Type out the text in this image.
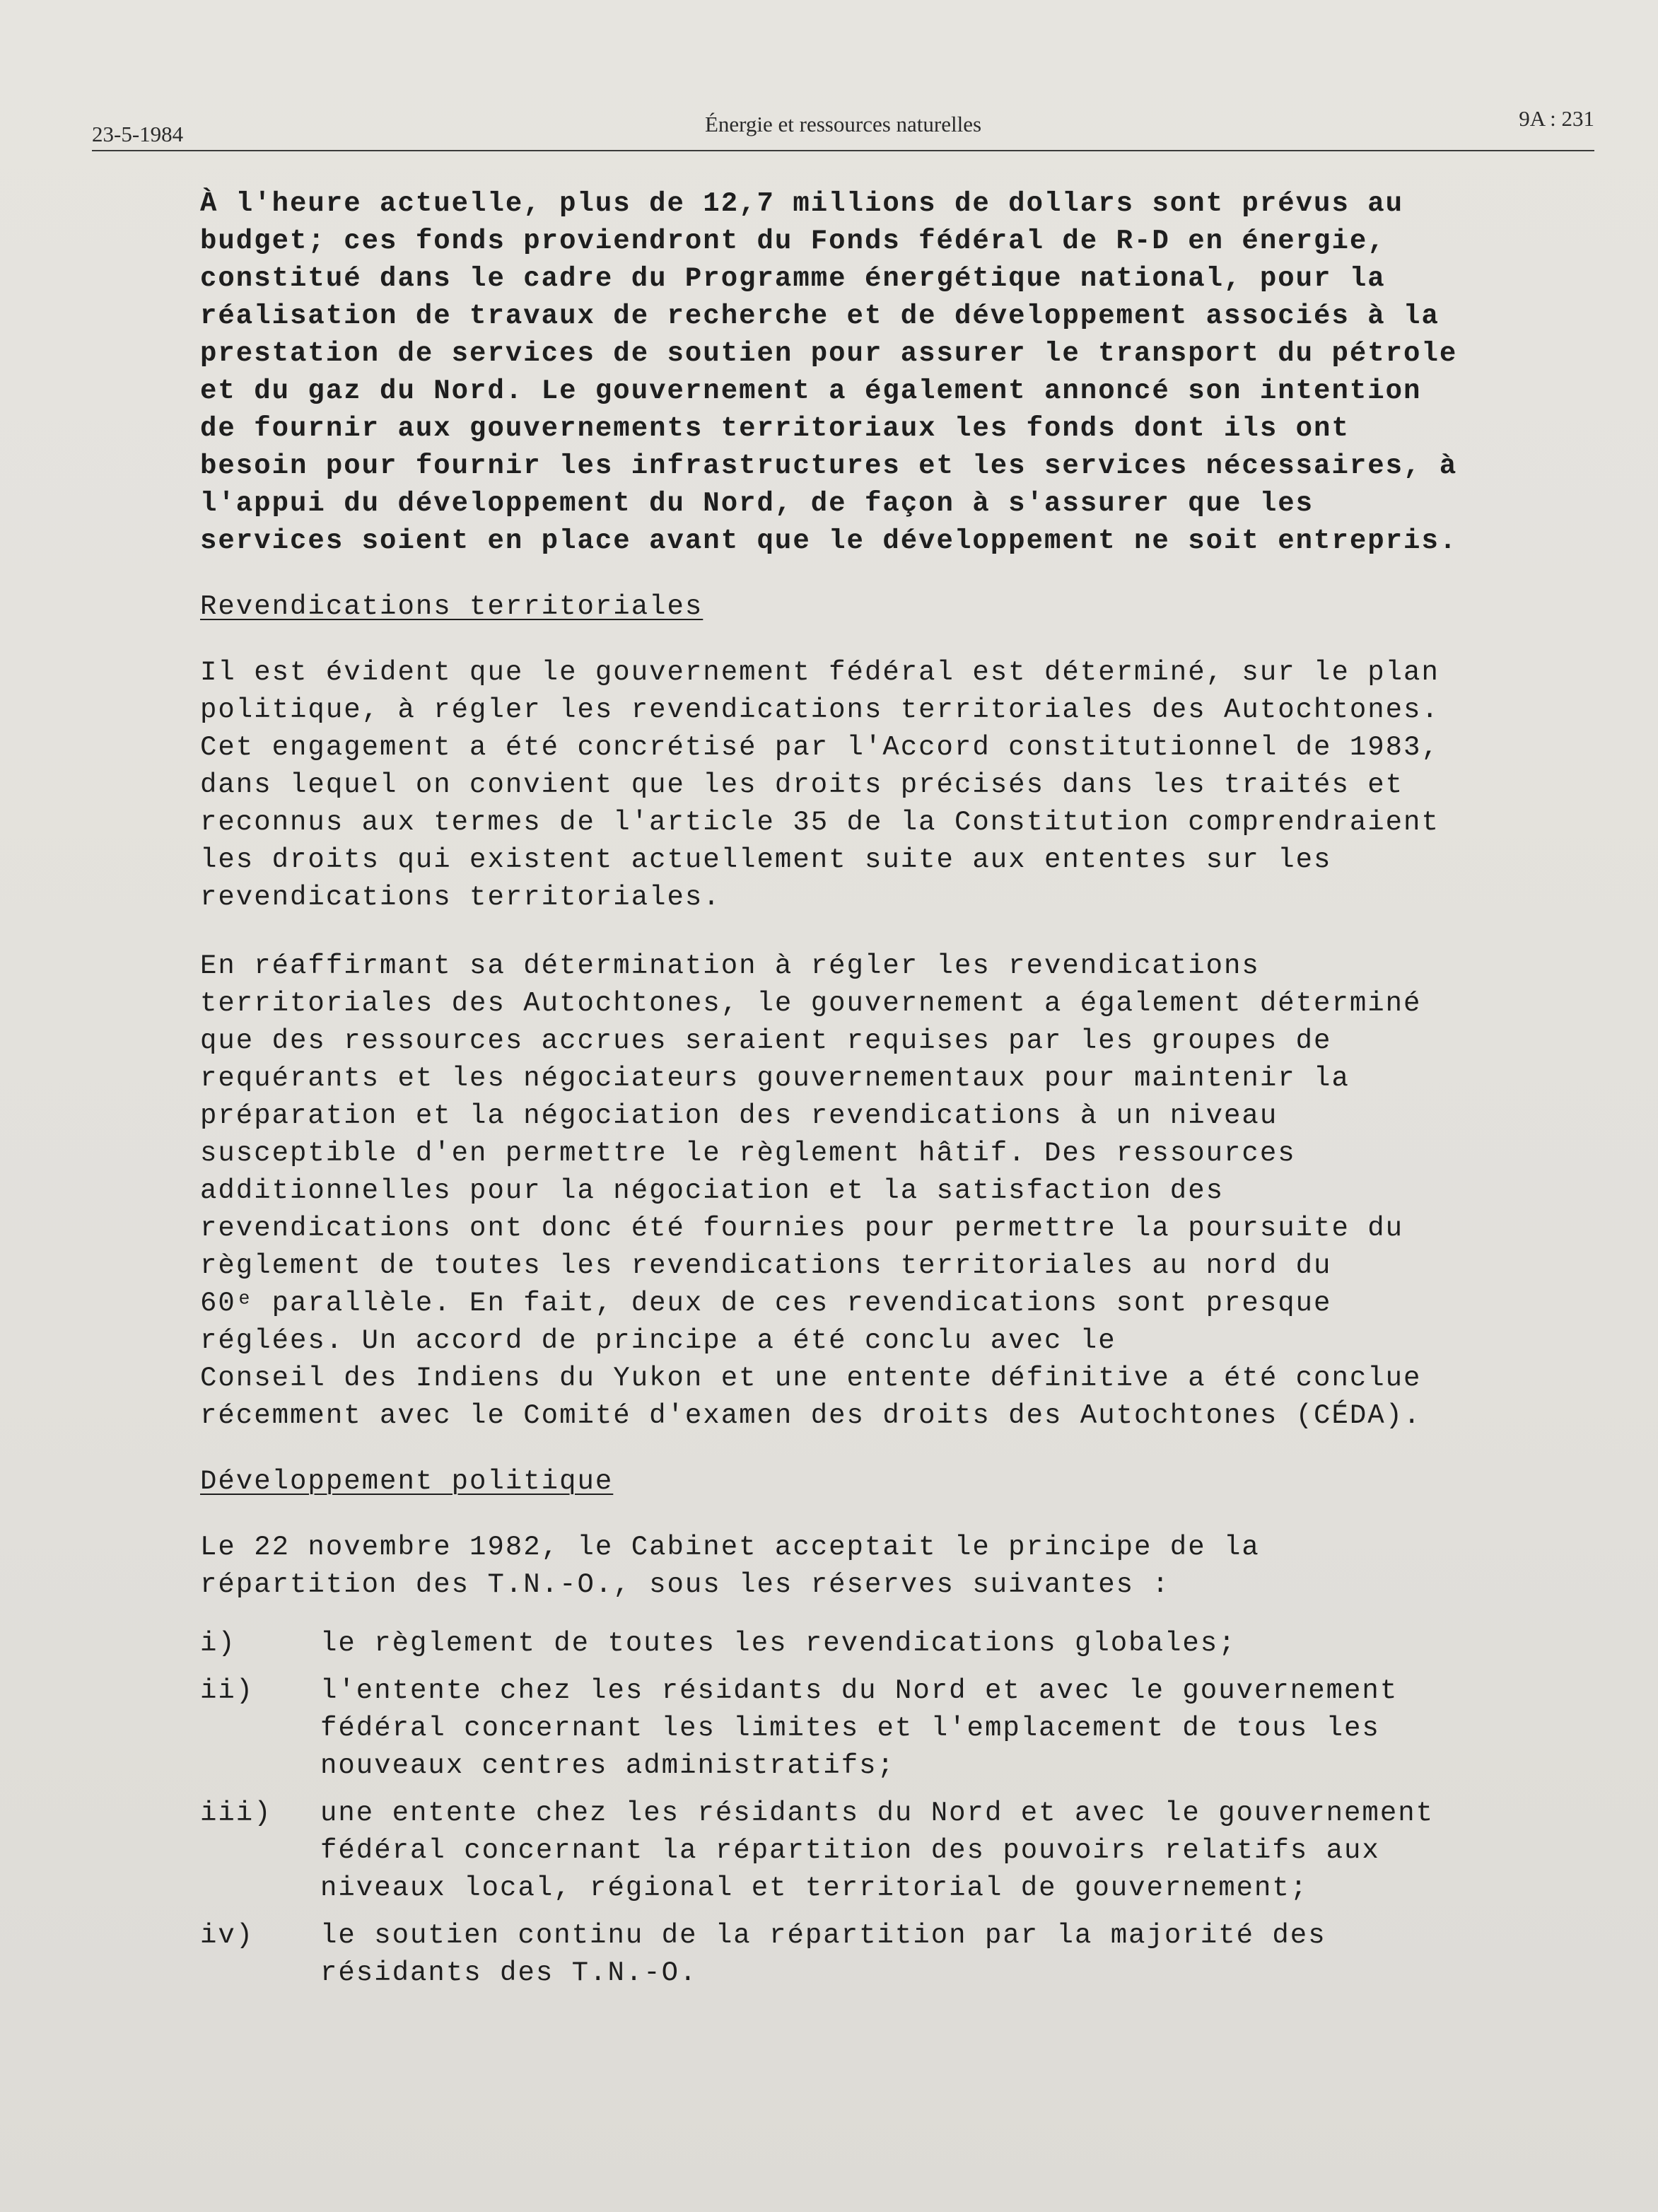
23-5-1984	Énergie et ressources naturelles	9A : 231

À l'heure actuelle, plus de 12,7 millions de dollars sont prévus au
budget; ces fonds proviendront du Fonds fédéral de R-D en énergie,
constitué dans le cadre du Programme énergétique national, pour la
réalisation de travaux de recherche et de développement associés à la
prestation de services de soutien pour assurer le transport du pétrole
et du gaz du Nord. Le gouvernement a également annoncé son intention
de fournir aux gouvernements territoriaux les fonds dont ils ont
besoin pour fournir les infrastructures et les services nécessaires, à
l'appui du développement du Nord, de façon à s'assurer que les
services soient en place avant que le développement ne soit entrepris.

Revendications territoriales

Il est évident que le gouvernement fédéral est déterminé, sur le plan
politique, à régler les revendications territoriales des Autochtones.
Cet engagement a été concrétisé par l'Accord constitutionnel de 1983,
dans lequel on convient que les droits précisés dans les traités et
reconnus aux termes de l'article 35 de la Constitution comprendraient
les droits qui existent actuellement suite aux ententes sur les
revendications territoriales.

En réaffirmant sa détermination à régler les revendications
territoriales des Autochtones, le gouvernement a également déterminé
que des ressources accrues seraient requises par les groupes de
requérants et les négociateurs gouvernementaux pour maintenir la
préparation et la négociation des revendications à un niveau
susceptible d'en permettre le règlement hâtif. Des ressources
additionnelles pour la négociation et la satisfaction des
revendications ont donc été fournies pour permettre la poursuite du
règlement de toutes les revendications territoriales au nord du
60ᵉ parallèle. En fait, deux de ces revendications sont presque
réglées. Un accord de principe a été conclu avec le
Conseil des Indiens du Yukon et une entente définitive a été conclue
récemment avec le Comité d'examen des droits des Autochtones (CÉDA).

Développement politique

Le 22 novembre 1982, le Cabinet acceptait le principe de la
répartition des T.N.-O., sous les réserves suivantes :

i)	le règlement de toutes les revendications globales;
ii)	l'entente chez les résidants du Nord et avec le gouvernement
fédéral concernant les limites et l'emplacement de tous les
nouveaux centres administratifs;
iii)	une entente chez les résidants du Nord et avec le gouvernement
fédéral concernant la répartition des pouvoirs relatifs aux
niveaux local, régional et territorial de gouvernement;
iv)	le soutien continu de la répartition par la majorité des
résidants des T.N.-O.
